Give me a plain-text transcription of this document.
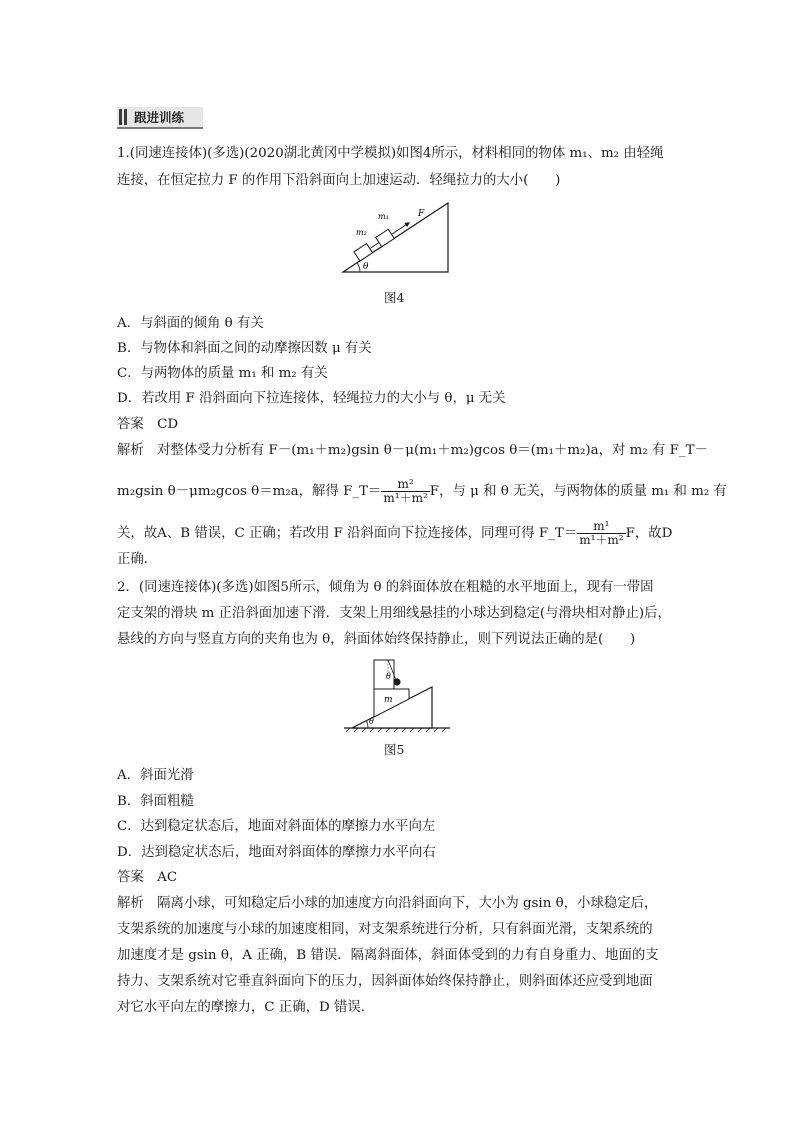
跟进训练
1.(同速连接体)(多选)(2020湖北黄冈中学模拟)如图4所示，材料相同的物体 m₁、m₂ 由轻绳
连接，在恒定拉力 F 的作用下沿斜面向上加速运动．轻绳拉力的大小(　　)
θ
m₂
m₁	F
图4
A．与斜面的倾角 θ 有关
B．与物体和斜面之间的动摩擦因数 μ 有关
C．与两物体的质量 m₁ 和 m₂ 有关
D．若改用 F 沿斜面向下拉连接体，轻绳拉力的大小与 θ，μ 无关
答案　CD
解析　对整体受力分析有 F－(m₁＋m₂)gsin θ－μ(m₁＋m₂)gcos θ＝(m₁＋m₂)a，对 m₂ 有 F_T－
m₂gsin θ－μm₂gcos θ＝m₂a，解得 F_T＝ $\frac{\text{m²}}{\text{m¹＋m²}}$ F，与 μ 和 θ 无关，与两物体的质量 m₁ 和 m₂ 有
关，故A、B 错误，C 正确；若改用 F 沿斜面向下拉连接体，同理可得 F_T＝ $\frac{\text{m¹}}{\text{m¹＋m²}}$ F，故D
正确．
2．(同速连接体)(多选)如图5所示，倾角为 θ 的斜面体放在粗糙的水平地面上，现有一带固
定支架的滑块 m 正沿斜面加速下滑．支架上用细线悬挂的小球达到稳定(与滑块相对静止)后，
悬线的方向与竖直方向的夹角也为 θ，斜面体始终保持静止，则下列说法正确的是(　　)
θ
m
θ
图5
A．斜面光滑
B．斜面粗糙
C．达到稳定状态后，地面对斜面体的摩擦力水平向左
D．达到稳定状态后，地面对斜面体的摩擦力水平向右
答案　AC
解析　隔离小球，可知稳定后小球的加速度方向沿斜面向下，大小为 gsin θ，小球稳定后，
支架系统的加速度与小球的加速度相同，对支架系统进行分析，只有斜面光滑，支架系统的
加速度才是 gsin θ，A 正确，B 错误．隔离斜面体，斜面体受到的力有自身重力、地面的支
持力、支架系统对它垂直斜面向下的压力，因斜面体始终保持静止，则斜面体还应受到地面
对它水平向左的摩擦力，C 正确，D 错误．
